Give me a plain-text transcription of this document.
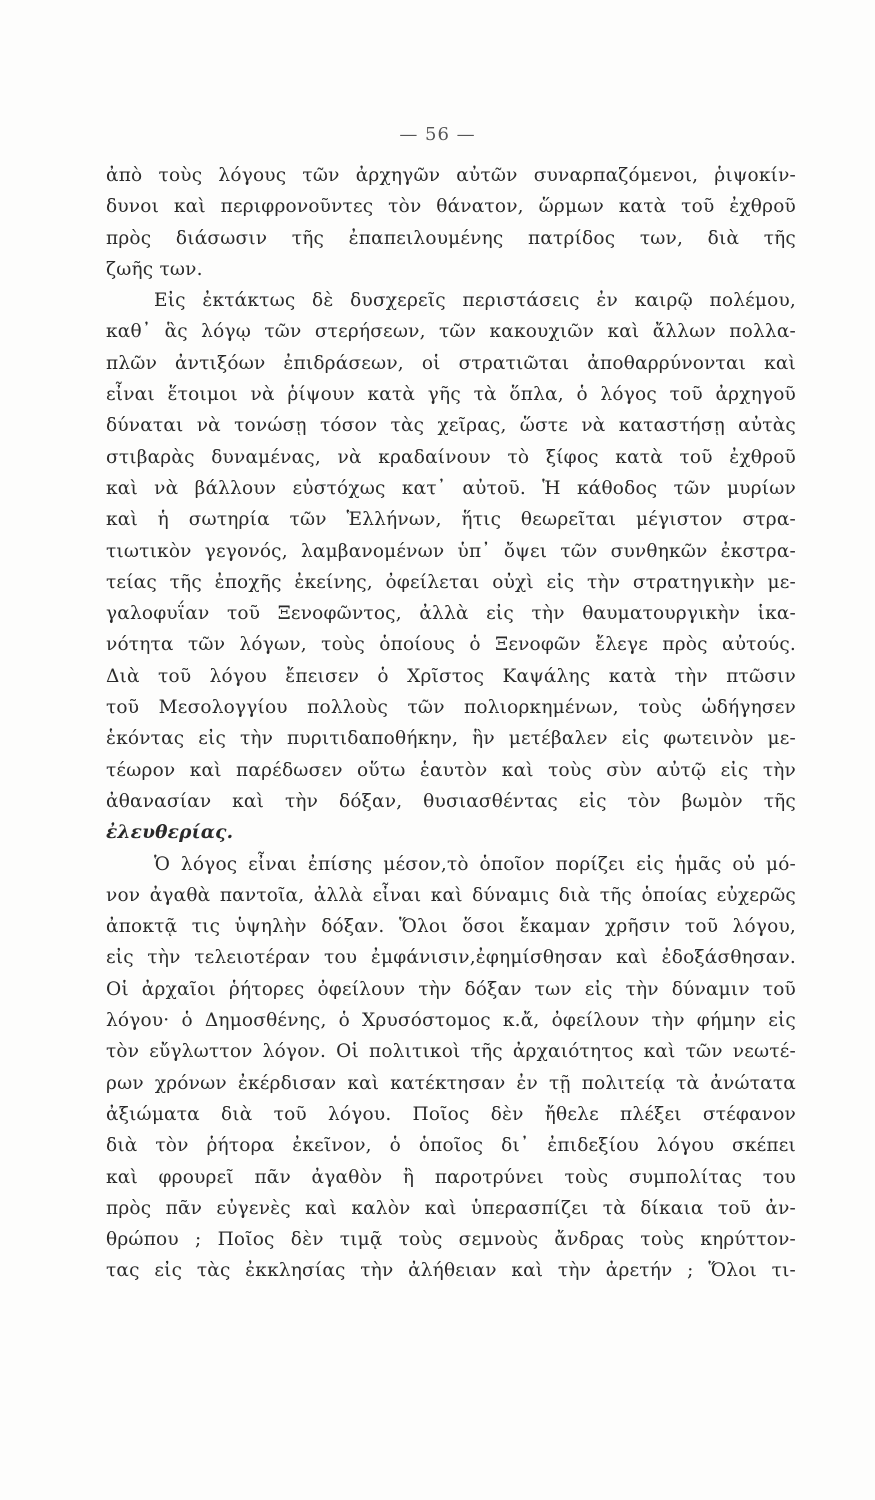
— 56 —
ἀπὸ τοὺς λόγους τῶν ἀρχηγῶν αὐτῶν συναρπαζόμενοι, ῥιψοκίν-
δυνοι καὶ περιφρονοῦντες τὸν θάνατον, ὥρμων κατὰ τοῦ ἐχθροῦ
πρὸς διάσωσιν τῆς ἐπαπειλουμένης πατρίδος των, διὰ τῆς
ζωῆς των.
Εἰς ἐκτάκτως δὲ δυσχερεῖς περιστάσεις ἐν καιρῷ πολέμου,
καθ᾽ ἃς λόγῳ τῶν στερήσεων, τῶν κακουχιῶν καὶ ἄλλων πολλα-
πλῶν ἀντιξόων ἐπιδράσεων, οἱ στρατιῶται ἀποθαρρύνονται καὶ
εἶναι ἕτοιμοι νὰ ῥίψουν κατὰ γῆς τὰ ὅπλα, ὁ λόγος τοῦ ἀρχηγοῦ
δύναται νὰ τονώσῃ τόσον τὰς χεῖρας, ὥστε νὰ καταστήσῃ αὐτὰς
στιβαρὰς δυναμένας, νὰ κραδαίνουν τὸ ξίφος κατὰ τοῦ ἐχθροῦ
καὶ νὰ βάλλουν εὐστόχως κατ᾽ αὐτοῦ. Ἡ κάθοδος τῶν μυρίων
καὶ ἡ σωτηρία τῶν Ἑλλήνων, ἥτις θεωρεῖται μέγιστον στρα-
τιωτικὸν γεγονός, λαμβανομένων ὑπ᾽ ὄψει τῶν συνθηκῶν ἐκστρα-
τείας τῆς ἐποχῆς ἐκείνης, ὀφείλεται οὐχὶ εἰς τὴν στρατηγικὴν με-
γαλοφυΐαν τοῦ Ξενοφῶντος, ἀλλὰ εἰς τὴν θαυματουργικὴν ἱκα-
νότητα τῶν λόγων, τοὺς ὁποίους ὁ Ξενοφῶν ἔλεγε πρὸς αὐτούς.
Διὰ τοῦ λόγου ἔπεισεν ὁ Χρῖστος Καψάλης κατὰ τὴν πτῶσιν
τοῦ Μεσολογγίου πολλοὺς τῶν πολιορκημένων, τοὺς ὡδήγησεν
ἑκόντας εἰς τὴν πυριτιδαποθήκην, ἣν μετέβαλεν εἰς φωτεινὸν με-
τέωρον καὶ παρέδωσεν οὕτω ἑαυτὸν καὶ τοὺς σὺν αὐτῷ εἰς τὴν
ἀθανασίαν καὶ τὴν δόξαν, θυσιασθέντας εἰς τὸν βωμὸν τῆς
ἐλευθερίας.
Ὁ λόγος εἶναι ἐπίσης μέσον,τὸ ὁποῖον πορίζει εἰς ἡμᾶς οὐ μό-
νον ἀγαθὰ παντοῖα, ἀλλὰ εἶναι καὶ δύναμις διὰ τῆς ὁποίας εὐχερῶς
ἀποκτᾷ τις ὑψηλὴν δόξαν. Ὅλοι ὅσοι ἔκαμαν χρῆσιν τοῦ λόγου,
εἰς τὴν τελειοτέραν του ἐμφάνισιν,ἐφημίσθησαν καὶ ἐδοξάσθησαν.
Οἱ ἀρχαῖοι ῥήτορες ὀφείλουν τὴν δόξαν των εἰς τὴν δύναμιν τοῦ
λόγου· ὁ Δημοσθένης, ὁ Χρυσόστομος κ.ἄ, ὀφείλουν τὴν φήμην εἰς
τὸν εὔγλωττον λόγον. Οἱ πολιτικοὶ τῆς ἀρχαιότητος καὶ τῶν νεωτέ-
ρων χρόνων ἐκέρδισαν καὶ κατέκτησαν ἐν τῇ πολιτείᾳ τὰ ἀνώτατα
ἀξιώματα διὰ τοῦ λόγου. Ποῖος δὲν ἤθελε πλέξει στέφανον
διὰ τὸν ῥήτορα ἐκεῖνον, ὁ ὁποῖος δι᾽ ἐπιδεξίου λόγου σκέπει
καὶ φρουρεῖ πᾶν ἀγαθὸν ἢ παροτρύνει τοὺς συμπολίτας του
πρὸς πᾶν εὐγενὲς καὶ καλὸν καὶ ὑπερασπίζει τὰ δίκαια τοῦ ἀν-
θρώπου ; Ποῖος δὲν τιμᾷ τοὺς σεμνοὺς ἄνδρας τοὺς κηρύττον-
τας εἰς τὰς ἐκκλησίας τὴν ἀλήθειαν καὶ τὴν ἀρετήν ; Ὅλοι τι-
